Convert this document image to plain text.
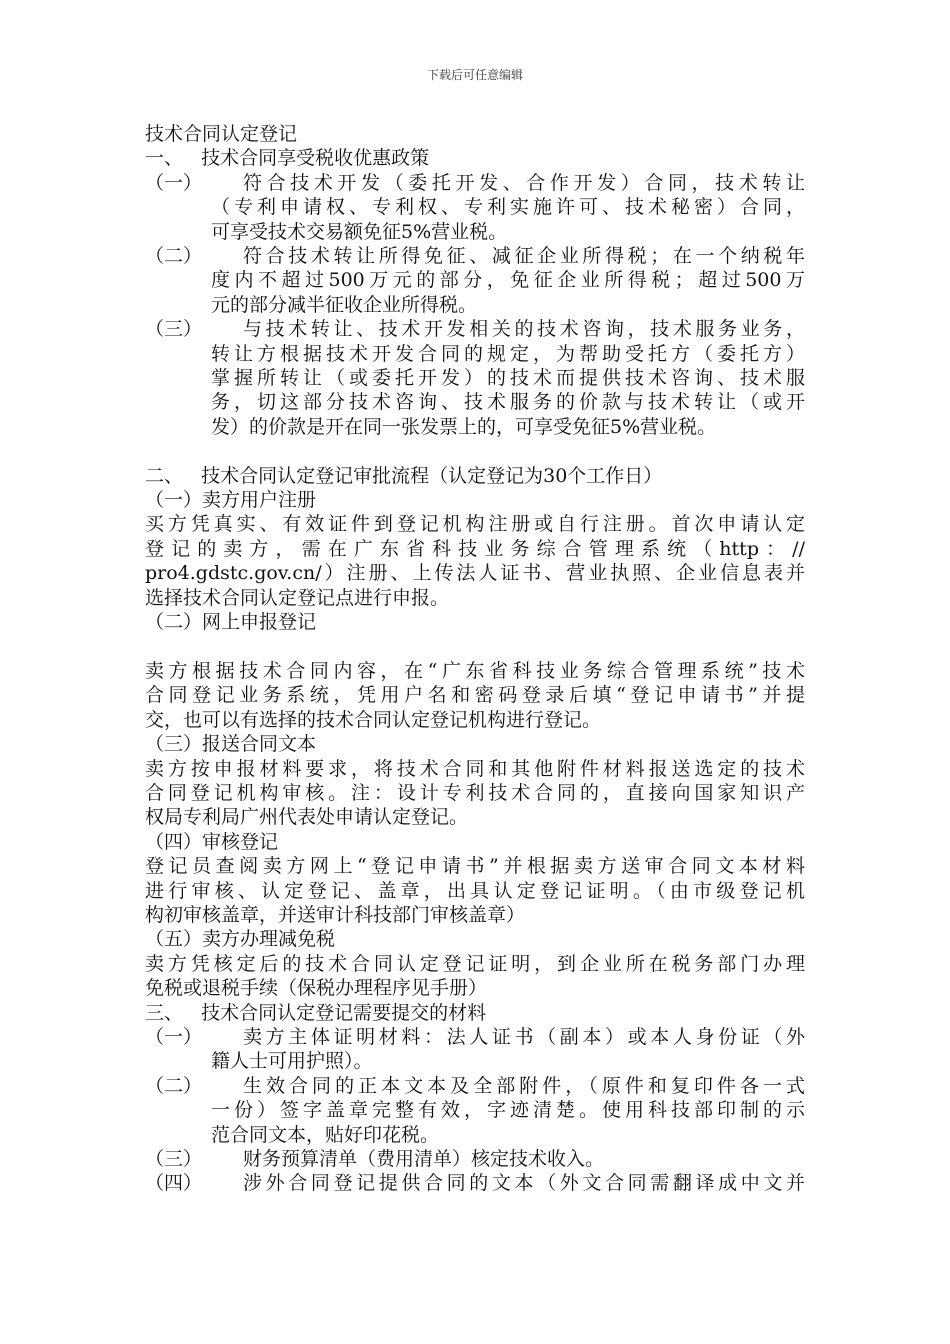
下载后可任意编辑
技术合同认定登记
一、   技术合同享受税收优惠政策
（一）	符合技术开发（委托开发、合作开发）合同，技术转让
（专利申请权、专利权、专利实施许可、技术秘密）合同，
可享受技术交易额免征5%营业税。
（二）	符合技术转让所得免征、减征企业所得税；在一个纳税年
度内不超过500万元的部分，免征企业所得税；超过500万
元的部分减半征收企业所得税。
（三）	与技术转让、技术开发相关的技术咨询，技术服务业务，
转让方根据技术开发合同的规定，为帮助受托方（委托方）
掌握所转让（或委托开发）的技术而提供技术咨询、技术服
务，切这部分技术咨询、技术服务的价款与技术转让（或开
发）的价款是开在同一张发票上的，可享受免征5%营业税。
二、   技术合同认定登记审批流程（认定登记为30个工作日）
（一）卖方用户注册
买方凭真实、有效证件到登记机构注册或自行注册。首次申请认定
登记的卖方，需在广东省科技业务综合管理系统（http：//
pro4.gdstc.gov.cn/）注册、上传法人证书、营业执照、企业信息表并
选择技术合同认定登记点进行申报。
（二）网上申报登记
卖方根据技术合同内容，在“广东省科技业务综合管理系统”技术
合同登记业务系统，凭用户名和密码登录后填“登记申请书”并提
交，也可以有选择的技术合同认定登记机构进行登记。
（三）报送合同文本
卖方按申报材料要求，将技术合同和其他附件材料报送选定的技术
合同登记机构审核。注：设计专利技术合同的，直接向国家知识产
权局专利局广州代表处申请认定登记。
（四）审核登记
登记员查阅卖方网上“登记申请书”并根据卖方送审合同文本材料
进行审核、认定登记、盖章，出具认定登记证明。（由市级登记机
构初审核盖章，并送审计科技部门审核盖章）
（五）卖方办理减免税
卖方凭核定后的技术合同认定登记证明，到企业所在税务部门办理
免税或退税手续（保税办理程序见手册）
三、   技术合同认定登记需要提交的材料
（一）	卖方主体证明材料：法人证书（副本）或本人身份证（外
籍人士可用护照）。
（二）	生效合同的正本文本及全部附件，（原件和复印件各一式
一份）签字盖章完整有效，字迹清楚。使用科技部印制的示
范合同文本，贴好印花税。
（三）	财务预算清单（费用清单）核定技术收入。
（四）	涉外合同登记提供合同的文本（外文合同需翻译成中文并
